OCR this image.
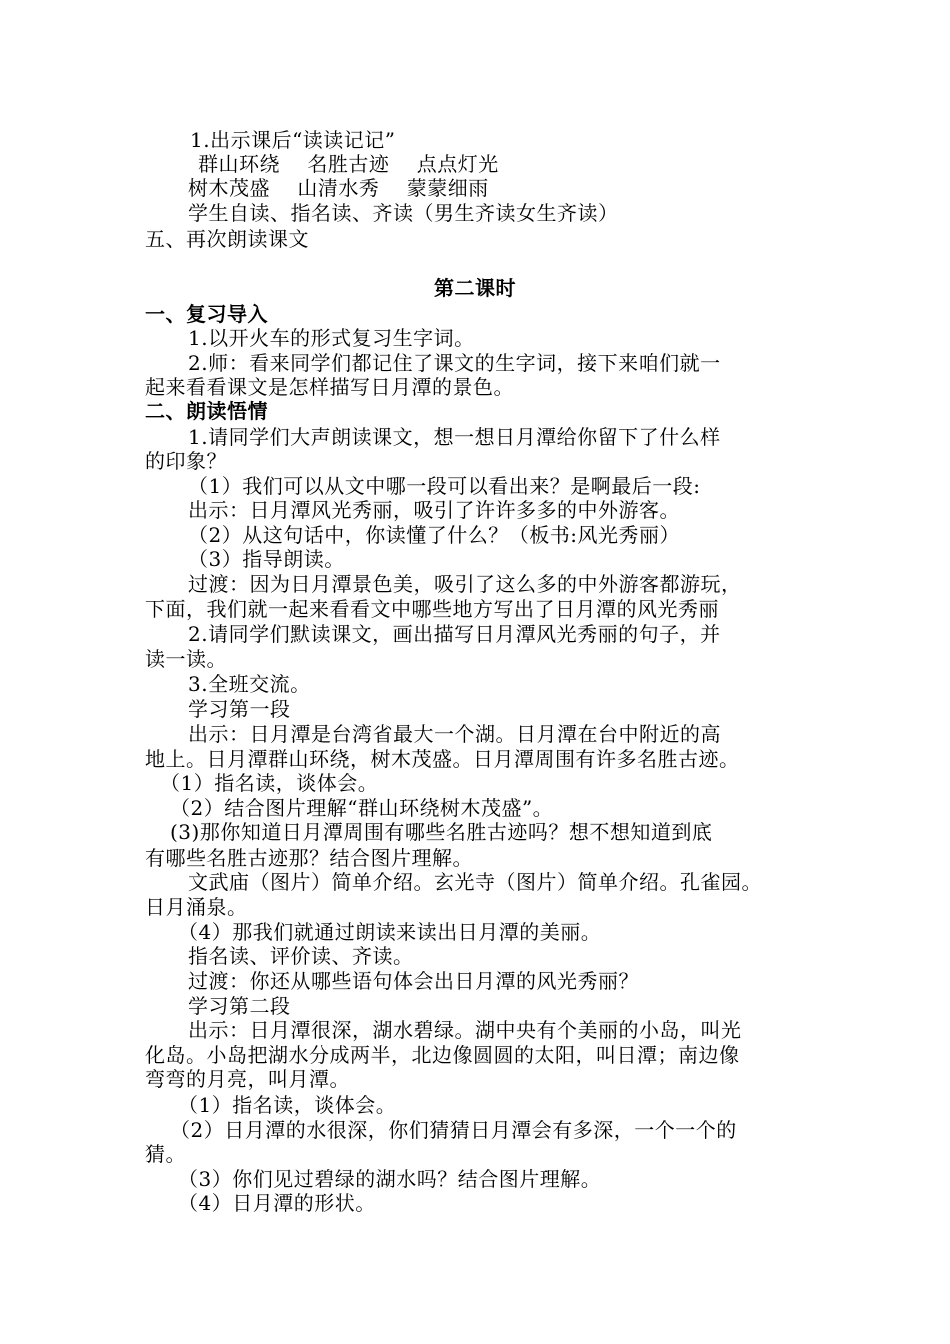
1.出示课后“读读记记”
群山环绕　 名胜古迹　 点点灯光
树木茂盛　 山清水秀　 蒙蒙细雨
学生自读、指名读、齐读（男生齐读女生齐读）
五、再次朗读课文
第二课时
一、复习导入
1.以开火车的形式复习生字词。
2.师：看来同学们都记住了课文的生字词，接下来咱们就一
起来看看课文是怎样描写日月潭的景色。
二、朗读悟情
1.请同学们大声朗读课文，想一想日月潭给你留下了什么样
的印象？
（1）我们可以从文中哪一段可以看出来？是啊最后一段:
出示：日月潭风光秀丽，吸引了许许多多的中外游客。
（2）从这句话中，你读懂了什么？（板书:风光秀丽）
（3）指导朗读。
过渡：因为日月潭景色美，吸引了这么多的中外游客都游玩，
下面，我们就一起来看看文中哪些地方写出了日月潭的风光秀丽
2.请同学们默读课文，画出描写日月潭风光秀丽的句子，并
读一读。
3.全班交流。
学习第一段
出示：日月潭是台湾省最大一个湖。日月潭在台中附近的高
地上。日月潭群山环绕，树木茂盛。日月潭周围有许多名胜古迹。
（1）指名读，谈体会。
（2）结合图片理解“群山环绕树木茂盛”。
(3)那你知道日月潭周围有哪些名胜古迹吗？想不想知道到底
有哪些名胜古迹那？结合图片理解。
文武庙（图片）简单介绍。玄光寺（图片）简单介绍。孔雀园。
日月涌泉。
（4）那我们就通过朗读来读出日月潭的美丽。
指名读、评价读、齐读。
过渡：你还从哪些语句体会出日月潭的风光秀丽？
学习第二段
出示：日月潭很深，湖水碧绿。湖中央有个美丽的小岛，叫光
化岛。小岛把湖水分成两半，北边像圆圆的太阳，叫日潭；南边像
弯弯的月亮，叫月潭。
（1）指名读，谈体会。
（2）日月潭的水很深，你们猜猜日月潭会有多深，一个一个的
猜。
（3）你们见过碧绿的湖水吗？结合图片理解。
（4）日月潭的形状。
